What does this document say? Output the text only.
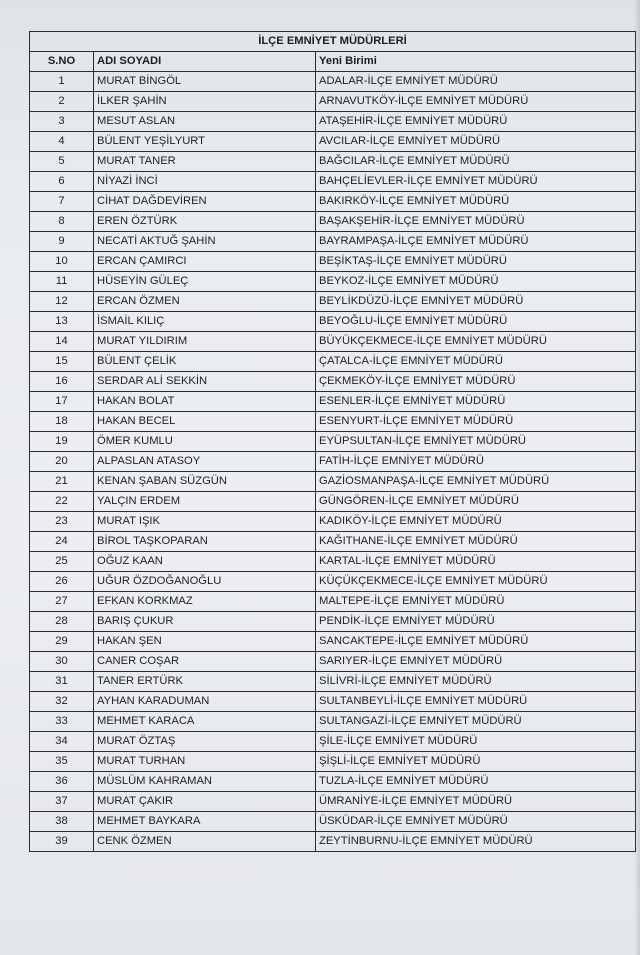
İLÇE EMNİYET MÜDÜRLERİ		
S.NO	ADI SOYADI	Yeni Birimi
1	MURAT BİNGÖL	ADALAR-İLÇE EMNİYET MÜDÜRÜ
2	İLKER ŞAHİN	ARNAVUTKÖY-İLÇE EMNİYET MÜDÜRÜ
3	MESUT ASLAN	ATAŞEHİR-İLÇE EMNİYET MÜDÜRÜ
4	BÜLENT YEŞİLYURT	AVCILAR-İLÇE EMNİYET MÜDÜRÜ
5	MURAT TANER	BAĞCILAR-İLÇE EMNİYET MÜDÜRÜ
6	NİYAZİ İNCİ	BAHÇELİEVLER-İLÇE EMNİYET MÜDÜRÜ
7	CİHAT DAĞDEVİREN	BAKIRKÖY-İLÇE EMNİYET MÜDÜRÜ
8	EREN ÖZTÜRK	BAŞAKŞEHİR-İLÇE EMNİYET MÜDÜRÜ
9	NECATİ AKTUĞ ŞAHİN	BAYRAMPAŞA-İLÇE EMNİYET MÜDÜRÜ
10	ERCAN ÇAMIRCI	BEŞİKTAŞ-İLÇE EMNİYET MÜDÜRÜ
11	HÜSEYİN GÜLEÇ	BEYKOZ-İLÇE EMNİYET MÜDÜRÜ
12	ERCAN ÖZMEN	BEYLİKDÜZÜ-İLÇE EMNİYET MÜDÜRÜ
13	İSMAİL KILIÇ	BEYOĞLU-İLÇE EMNİYET MÜDÜRÜ
14	MURAT YILDIRIM	BÜYÜKÇEKMECE-İLÇE EMNİYET MÜDÜRÜ
15	BÜLENT ÇELİK	ÇATALCA-İLÇE EMNİYET MÜDÜRÜ
16	SERDAR ALİ SEKKİN	ÇEKMEKÖY-İLÇE EMNİYET MÜDÜRÜ
17	HAKAN BOLAT	ESENLER-İLÇE EMNİYET MÜDÜRÜ
18	HAKAN BECEL	ESENYURT-İLÇE EMNİYET MÜDÜRÜ
19	ÖMER KUMLU	EYÜPSULTAN-İLÇE EMNİYET MÜDÜRÜ
20	ALPASLAN ATASOY	FATİH-İLÇE EMNİYET MÜDÜRÜ
21	KENAN ŞABAN SÜZGÜN	GAZİOSMANPAŞA-İLÇE EMNİYET MÜDÜRÜ
22	YALÇIN ERDEM	GÜNGÖREN-İLÇE EMNİYET MÜDÜRÜ
23	MURAT IŞIK	KADIKÖY-İLÇE EMNİYET MÜDÜRÜ
24	BİROL TAŞKOPARAN	KAĞITHANE-İLÇE EMNİYET MÜDÜRÜ
25	OĞUZ KAAN	KARTAL-İLÇE EMNİYET MÜDÜRÜ
26	UĞUR ÖZDOĞANOĞLU	KÜÇÜKÇEKMECE-İLÇE EMNİYET MÜDÜRÜ
27	EFKAN KORKMAZ	MALTEPE-İLÇE EMNİYET MÜDÜRÜ
28	BARIŞ ÇUKUR	PENDİK-İLÇE EMNİYET MÜDÜRÜ
29	HAKAN ŞEN	SANCAKTEPE-İLÇE EMNİYET MÜDÜRÜ
30	CANER COŞAR	SARIYER-İLÇE EMNİYET MÜDÜRÜ
31	TANER ERTÜRK	SİLİVRİ-İLÇE EMNİYET MÜDÜRÜ
32	AYHAN KARADUMAN	SULTANBEYLİ-İLÇE EMNİYET MÜDÜRÜ
33	MEHMET KARACA	SULTANGAZİ-İLÇE EMNİYET MÜDÜRÜ
34	MURAT ÖZTAŞ	ŞİLE-İLÇE EMNİYET MÜDÜRÜ
35	MURAT TURHAN	ŞİŞLİ-İLÇE EMNİYET MÜDÜRÜ
36	MÜSLÜM KAHRAMAN	TUZLA-İLÇE EMNİYET MÜDÜRÜ
37	MURAT ÇAKIR	ÜMRANİYE-İLÇE EMNİYET MÜDÜRÜ
38	MEHMET BAYKARA	ÜSKÜDAR-İLÇE EMNİYET MÜDÜRÜ
39	CENK ÖZMEN	ZEYTİNBURNU-İLÇE EMNİYET MÜDÜRÜ
